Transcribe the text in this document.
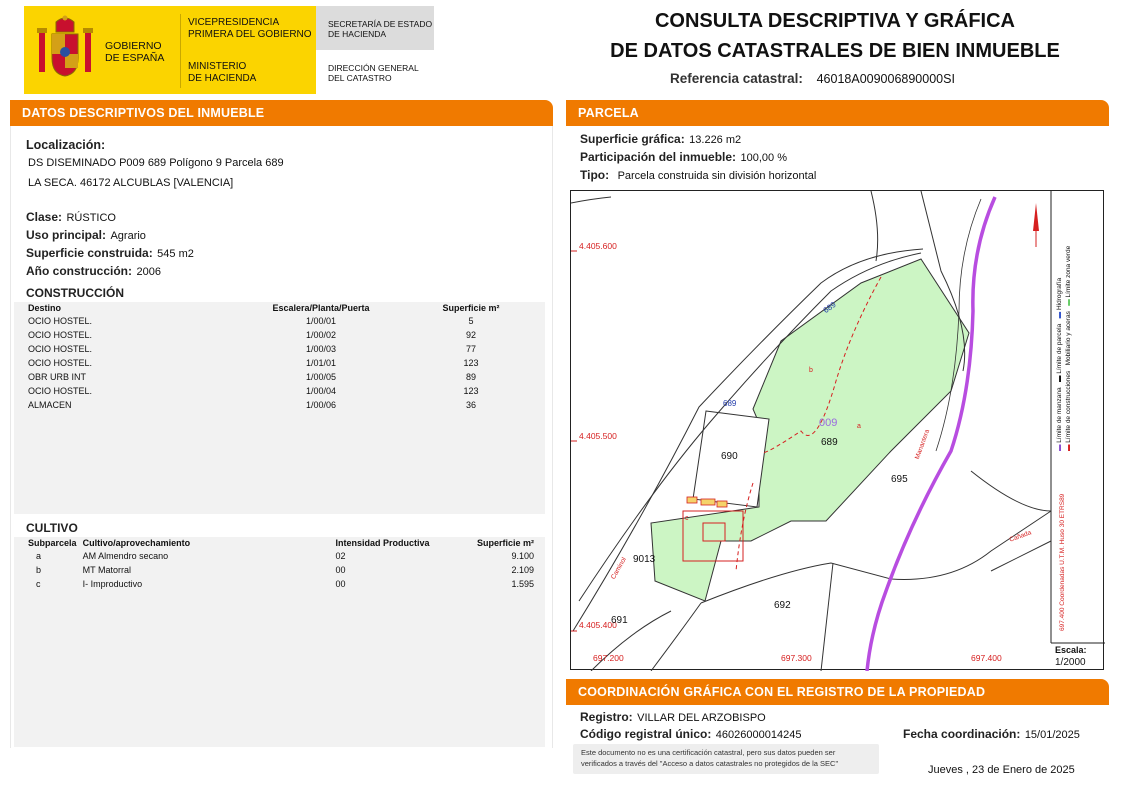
GOBIERNO
DE ESPAÑA
VICEPRESIDENCIA
PRIMERA DEL GOBIERNO
MINISTERIO
DE HACIENDA
SECRETARÍA DE ESTADO
DE HACIENDA
DIRECCIÓN GENERAL
DEL CATASTRO
CONSULTA DESCRIPTIVA Y GRÁFICA
DE DATOS CATASTRALES DE BIEN INMUEBLE
Referencia catastral: 46018A009006890000SI
DATOS DESCRIPTIVOS DEL INMUEBLE
Localización:
DS DISEMINADO P009 689 Polígono 9 Parcela 689
LA SECA. 46172 ALCUBLAS [VALENCIA]
Clase: RÚSTICO
Uso principal: Agrario
Superficie construida: 545 m2
Año construcción: 2006
CONSTRUCCIÓN
Destino	Escalera/Planta/Puerta	Superficie m²
OCIO HOSTEL.	1/00/01	5
OCIO HOSTEL.	1/00/02	92
OCIO HOSTEL.	1/00/03	77
OCIO HOSTEL.	1/01/01	123
OBR URB INT	1/00/05	89
OCIO HOSTEL.	1/00/04	123
ALMACEN	1/00/06	36
CULTIVO
Subparcela	Cultivo/aprovechamiento	Intensidad Productiva	Superficie m²
a	AM Almendro secano	02	9.100
b	MT Matorral	00	2.109
c	I- Improductivo	00	1.595
PARCELA
Superficie gráfica: 13.226 m2
Participación del inmueble: 100,00 %
Tipo: Parcela construida sin división horizontal
4.405.600
4.405.500
4.405.400
697.200	697.300	697.400
009
689
690
695
692
9013
691
689
689
a
b
c
Manantera
Caminol
Cañada
Escala:
1/2000
▬ Límite de manzana   ▬ Límite de parcela   ▬ Hidrografía
▬ Límite de construcciones   Mobiliario y aceras   ▬ Límite zona verde
697.400 Coordenadas U.T.M. Huso 30 ETRS89
COORDINACIÓN GRÁFICA CON EL REGISTRO DE LA PROPIEDAD
Registro: VILLAR DEL ARZOBISPO
Código registral único: 46026000014245	Fecha coordinación: 15/01/2025
Este documento no es una certificación catastral, pero sus datos pueden ser
verificados a través del "Acceso a datos catastrales no protegidos de la SEC"
Jueves , 23 de Enero de 2025
